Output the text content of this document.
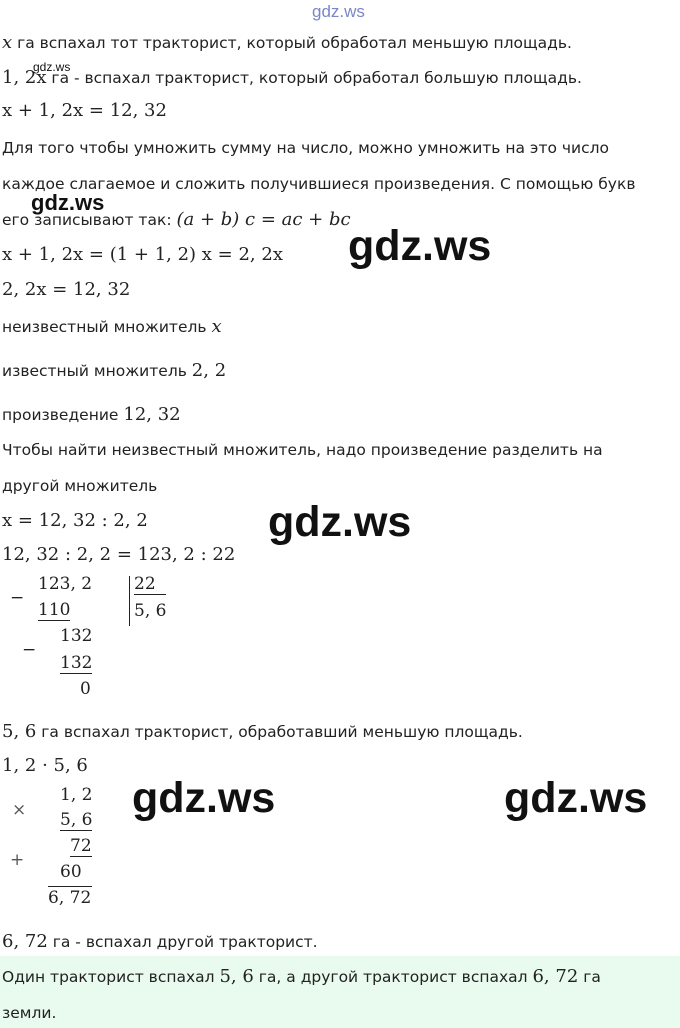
gdz.ws
x га вспахал тот тракторист, который обработал меньшую площадь.
1, 2x га - вспахал тракторист, который обработал большую площадь.
gdz.ws
x + 1, 2x = 12, 32
Для того чтобы умножить сумму на число, можно умножить на это число
каждое слагаемое и сложить получившиеся произведения. С помощью букв
его записывают так: (a + b) c = ac + bc
gdz.ws
gdz.ws
x + 1, 2x = (1 + 1, 2) x = 2, 2x
2, 2x = 12, 32
неизвестный множитель x
известный множитель 2, 2
произведение 12, 32
Чтобы найти неизвестный множитель, надо произведение разделить на
другой множитель
x = 12, 32 : 2, 2	gdz.ws
12, 32 : 2, 2 = 123, 2 : 22
−
123, 2
110
22
5, 6
−
132
132
0
5, 6 га вспахал тракторист, обработавший меньшую площадь.
1, 2 · 5, 6
×
1, 2
5, 6
72
+
60
6, 72
gdz.ws	gdz.ws
6, 72 га - вспахал другой тракторист.
Один тракторист вспахал 5, 6 га, а другой тракторист вспахал 6, 72 га
земли.
